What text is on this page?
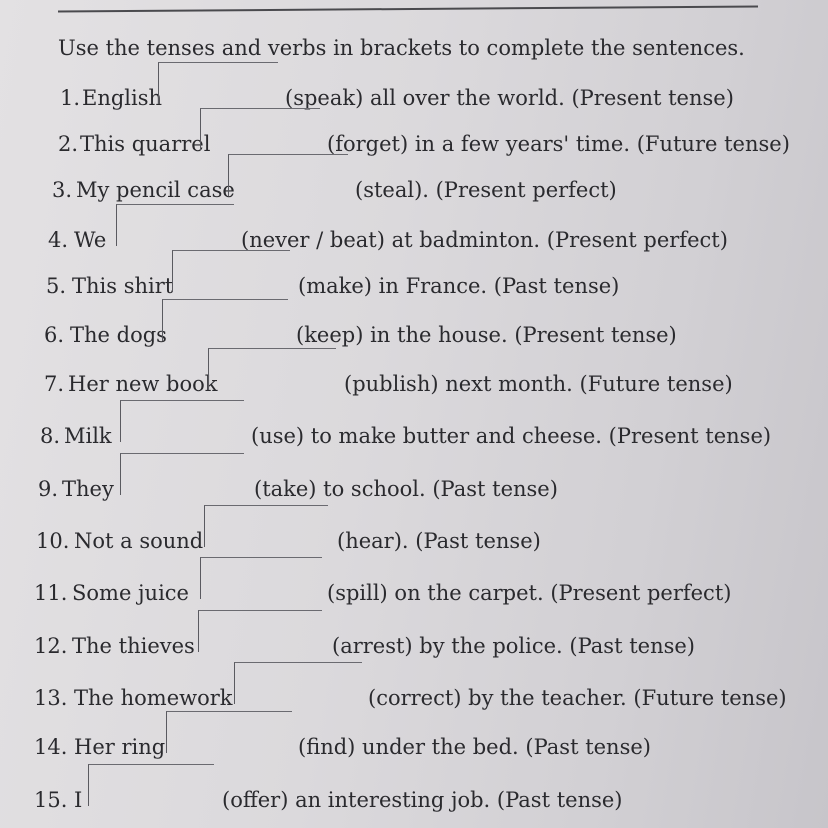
Use the tenses and verbs in brackets to complete the sentences.
1. English	(speak) all over the world. (Present tense)
2. This quarrel	(forget) in a few years' time. (Future tense)
3. My pencil case	(steal). (Present perfect)
4. We	(never / beat) at badminton. (Present perfect)
5. This shirt	(make) in France. (Past tense)
6. The dogs	(keep) in the house. (Present tense)
7. Her new book	(publish) next month. (Future tense)
8. Milk	(use) to make butter and cheese. (Present tense)
9. They	(take) to school. (Past tense)
10. Not a sound	(hear). (Past tense)
11. Some juice	(spill) on the carpet. (Present perfect)
12. The thieves	(arrest) by the police. (Past tense)
13. The homework	(correct) by the teacher. (Future tense)
14. Her ring	(find) under the bed. (Past tense)
15. I	(offer) an interesting job. (Past tense)
